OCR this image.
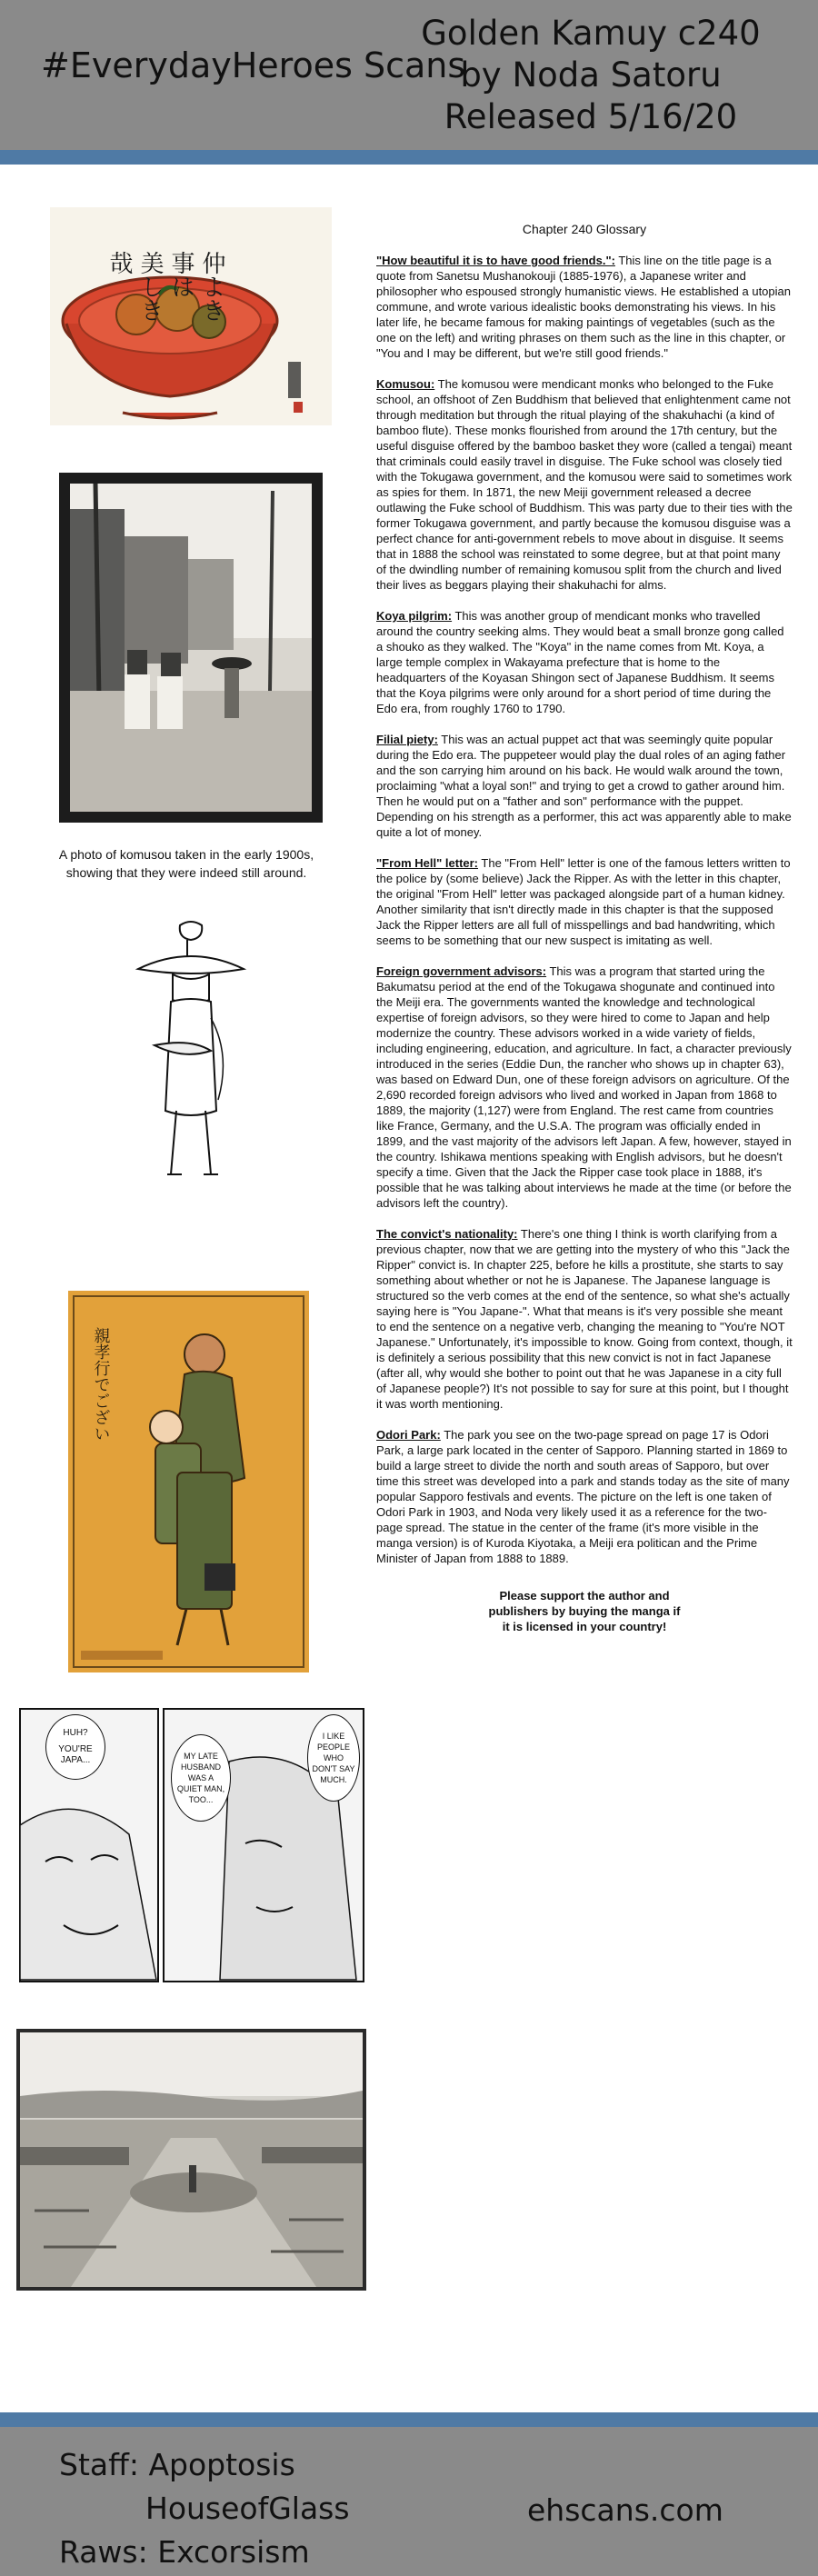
#EverydayHeroes Scans
Golden Kamuy c240
by Noda Satoru
Released 5/16/20
仲よき
事は
美しき
哉
A photo of komusou taken in the early 1900s,
showing that they were indeed still around.
親孝行でござい
HUH?
YOU'RE JAPA...	MY LATE HUSBAND WAS A QUIET MAN, TOO...
I LIKE PEOPLE WHO DON'T SAY MUCH.
Chapter 240 Glossary

"How beautiful it is to have good friends.": This line on the title page is a quote from Sanetsu Mushanokouji (1885-1976), a Japanese writer and philosopher who espoused strongly humanistic views. He established a utopian commune, and wrote various idealistic books demonstrating his views. In his later life, he became famous for making paintings of vegetables (such as the one on the left) and writing phrases on them such as the line in this chapter, or "You and I may be different, but we're still good friends."

Komusou: The komusou were mendicant monks who belonged to the Fuke school, an offshoot of Zen Buddhism that believed that enlightenment came not through meditation but through the ritual playing of the shakuhachi (a kind of bamboo flute). These monks flourished from around the 17th century, but the useful disguise offered by the bamboo basket they wore (called a tengai) meant that criminals could easily travel in disguise. The Fuke school was closely tied with the Tokugawa government, and the komusou were said to sometimes work as spies for them. In 1871, the new Meiji government released a decree outlawing the Fuke school of Buddhism. This was party due to their ties with the former Tokugawa government, and partly because the komusou disguise was a perfect chance for anti-government rebels to move about in disguise. It seems that in 1888 the school was reinstated to some degree, but at that point many of the dwindling number of remaining komusou split from the church and lived their lives as beggars playing their shakuhachi for alms.

Koya pilgrim: This was another group of mendicant monks who travelled around the country seeking alms. They would beat a small bronze gong called a shouko as they walked. The "Koya" in the name comes from Mt. Koya, a large temple complex in Wakayama prefecture that is home to the headquarters of the Koyasan Shingon sect of Japanese Buddhism. It seems that the Koya pilgrims were only around for a short period of time during the Edo era, from roughly 1760 to 1790.

Filial piety: This was an actual puppet act that was seemingly quite popular during the Edo era. The puppeteer would play the dual roles of an aging father and the son carrying him around on his back. He would walk around the town, proclaiming "what a loyal son!" and trying to get a crowd to gather around him. Then he would put on a "father and son" performance with the puppet. Depending on his strength as a performer, this act was apparently able to make quite a lot of money.

"From Hell" letter: The "From Hell" letter is one of the famous letters written to the police by (some believe) Jack the Ripper. As with the letter in this chapter, the original "From Hell" letter was packaged alongside part of a human kidney. Another similarity that isn't directly made in this chapter is that the supposed Jack the Ripper letters are all full of misspellings and bad handwriting, which seems to be something that our new suspect is imitating as well.

Foreign government advisors: This was a program that started uring the Bakumatsu period at the end of the Tokugawa shogunate and continued into the Meiji era. The governments wanted the knowledge and technological expertise of foreign advisors, so they were hired to come to Japan and help modernize the country. These advisors worked in a wide variety of fields, including engineering, education, and agriculture. In fact, a character previously introduced in the series (Eddie Dun, the rancher who shows up in chapter 63), was based on Edward Dun, one of these foreign advisors on agriculture. Of the 2,690 recorded foreign advisors who lived and worked in Japan from 1868 to 1889, the majority (1,127) were from England. The rest came from countries like France, Germany, and the U.S.A. The program was officially ended in 1899, and the vast majority of the advisors left Japan. A few, however, stayed in the country. Ishikawa mentions speaking with English advisors, but he doesn't specify a time. Given that the Jack the Ripper case took place in 1888, it's possible that he was talking about interviews he made at the time (or before the advisors left the country).

The convict's nationality: There's one thing I think is worth clarifying from a previous chapter, now that we are getting into the mystery of who this "Jack the Ripper" convict is. In chapter 225, before he kills a prostitute, she starts to say something about whether or not he is Japanese. The Japanese language is structured so the verb comes at the end of the sentence, so what she's actually saying here is "You Japane-". What that means is it's very possible she meant to end the sentence on a negative verb, changing the meaning to "You're NOT Japanese." Unfortunately, it's impossible to know. Going from context, though, it is definitely a serious possibility that this new convict is not in fact Japanese (after all, why would she bother to point out that he was Japanese in a city full of Japanese people?) It's not possible to say for sure at this point, but I thought it was worth mentioning.

Odori Park: The park you see on the two-page spread on page 17 is Odori Park, a large park located in the center of Sapporo. Planning started in 1869 to build a large street to divide the north and south areas of Sapporo, but over time this street was developed into a park and stands today as the site of many popular Sapporo festivals and events. The picture on the left is one taken of Odori Park in 1903, and Noda very likely used it as a reference for the two-page spread. The statue in the center of the frame (it's more visible in the manga version) is of Kuroda Kiyotaka, a Meiji era politican and the Prime Minister of Japan from 1888 to 1889.

Please support the author and
publishers by buying the manga if
it is licensed in your country!
Staff: Apoptosis
HouseofGlass
Raws: Excorsism
ehscans.com
